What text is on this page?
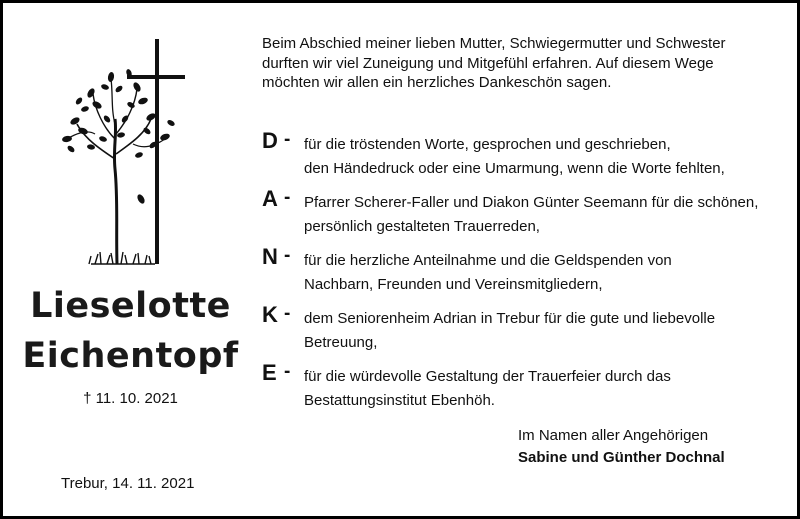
Lieselotte
Eichentopf
† 11. 10. 2021
Trebur, 14. 11. 2021

Beim Abschied meiner lieben Mutter, Schwiegermutter und Schwester

durften wir viel Zuneigung und Mitgefühl erfahren. Auf diesem Wege

möchten wir allen ein herzliches Dankeschön sagen.

D - für die tröstenden Worte, gesprochen und geschrieben,
den Händedruck oder eine Umarmung, wenn die Worte fehlten,
A - Pfarrer Scherer-Faller und Diakon Günter Seemann für die schönen,
persönlich gestalteten Trauerreden,
N - für die herzliche Anteilnahme und die Geldspenden von
Nachbarn, Freunden und Vereinsmitgliedern,
K - dem Seniorenheim Adrian in Trebur für die gute und liebevolle
Betreuung,
E - für die würdevolle Gestaltung der Trauerfeier durch das
Bestattungsinstitut Ebenhöh.
Im Namen aller Angehörigen
Sabine und Günther Dochnal
